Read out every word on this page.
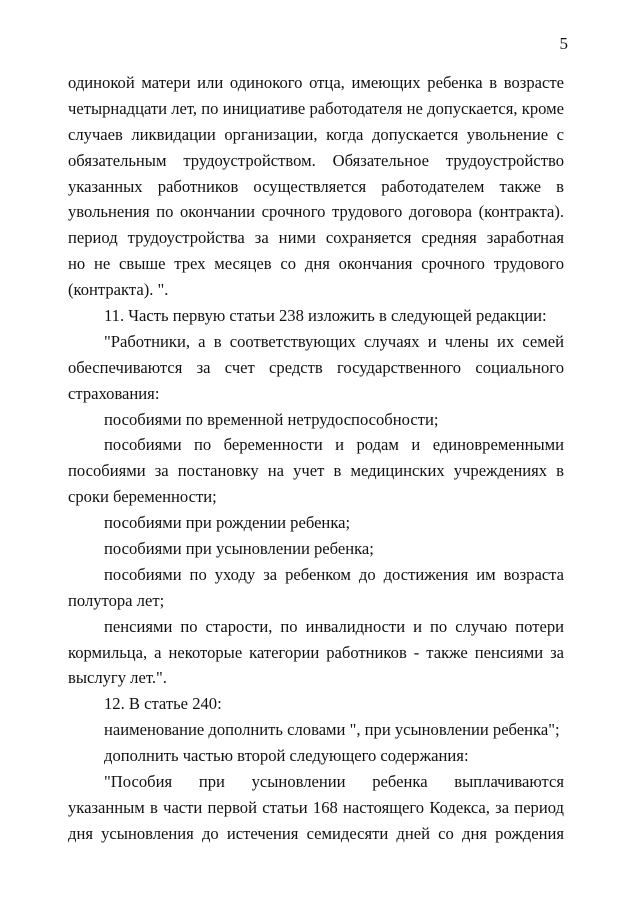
5
одинокой матери или одинокого отца, имеющих ребенка в возрасте
четырнадцати лет, по инициативе работодателя не допускается, кроме
случаев ликвидации организации, когда допускается увольнение с
обязательным трудоустройством. Обязательное трудоустройство
указанных работников осуществляется работодателем также в
увольнения по окончании срочного трудового договора (контракта).
период трудоустройства за ними сохраняется средняя заработная
но не свыше трех месяцев со дня окончания срочного трудового
(контракта). ".
11. Часть первую статьи 238 изложить в следующей редакции:
"Работники, а в соответствующих случаях и члены их семей
обеспечиваются за счет средств государственного социального
страхования:
пособиями по временной нетрудоспособности;
пособиями по беременности и родам и единовременными
пособиями за постановку на учет в медицинских учреждениях в
сроки беременности;
пособиями при рождении ребенка;
пособиями при усыновлении ребенка;
пособиями по уходу за ребенком до достижения им возраста
полутора лет;
пенсиями по старости, по инвалидности и по случаю потери
кормильца, а некоторые категории работников - также пенсиями за
выслугу лет.".
12. В статье 240:
наименование дополнить словами ", при усыновлении ребенка";
дополнить частью второй следующего содержания:
"Пособия при усыновлении ребенка выплачиваются
указанным в части первой статьи 168 настоящего Кодекса, за период
дня усыновления до истечения семидесяти дней со дня рождения
